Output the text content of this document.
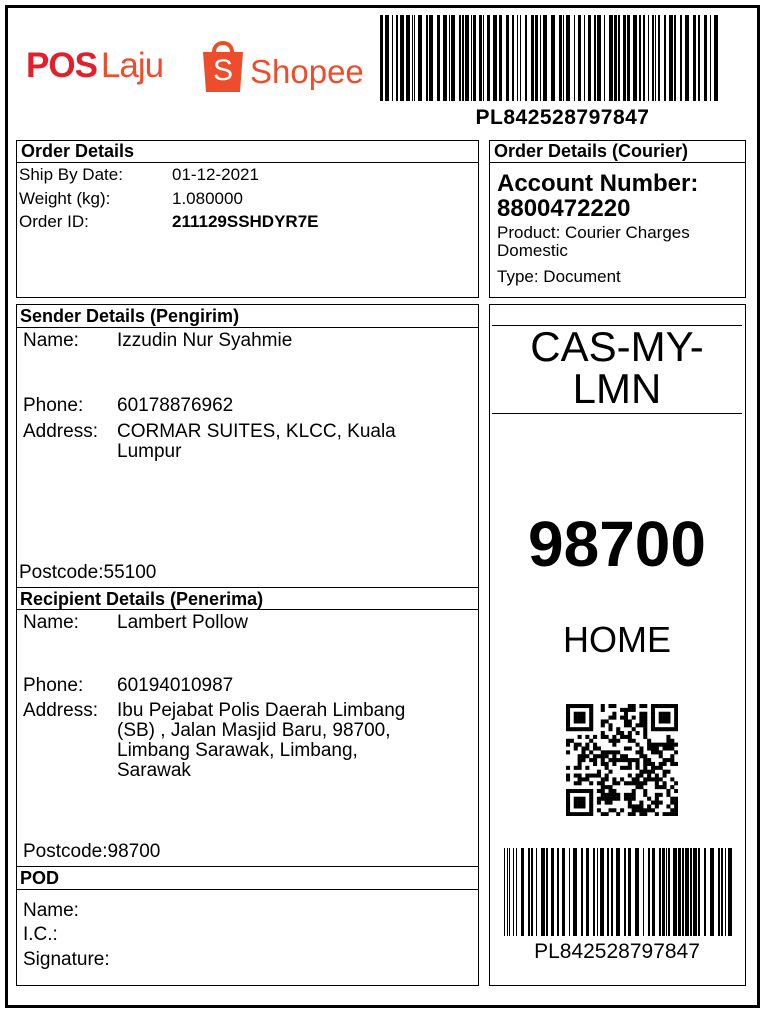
POS Laju	S Shopee
PL842528797847
Order Details
Ship By Date:	01-12-2021
Weight (kg):	1.080000
Order ID:	211129SSHDYR7E
Order Details (Courier)
Account Number:
8800472220
Product: Courier Charges
Domestic
Type: Document
Sender Details (Pengirim)
Name: Izzudin Nur Syahmie
Phone: 60178876962
Address: CORMAR SUITES, KLCC, Kuala
Lumpur
Postcode:55100
Recipient Details (Penerima)
Name: Lambert Pollow
Phone: 60194010987
Address: Ibu Pejabat Polis Daerah Limbang
(SB) , Jalan Masjid Baru, 98700,
Limbang Sarawak, Limbang,
Sarawak
Postcode:98700
POD
Name:
I.C.:
Signature:
CAS-MY-
LMN
98700
HOME
PL842528797847
